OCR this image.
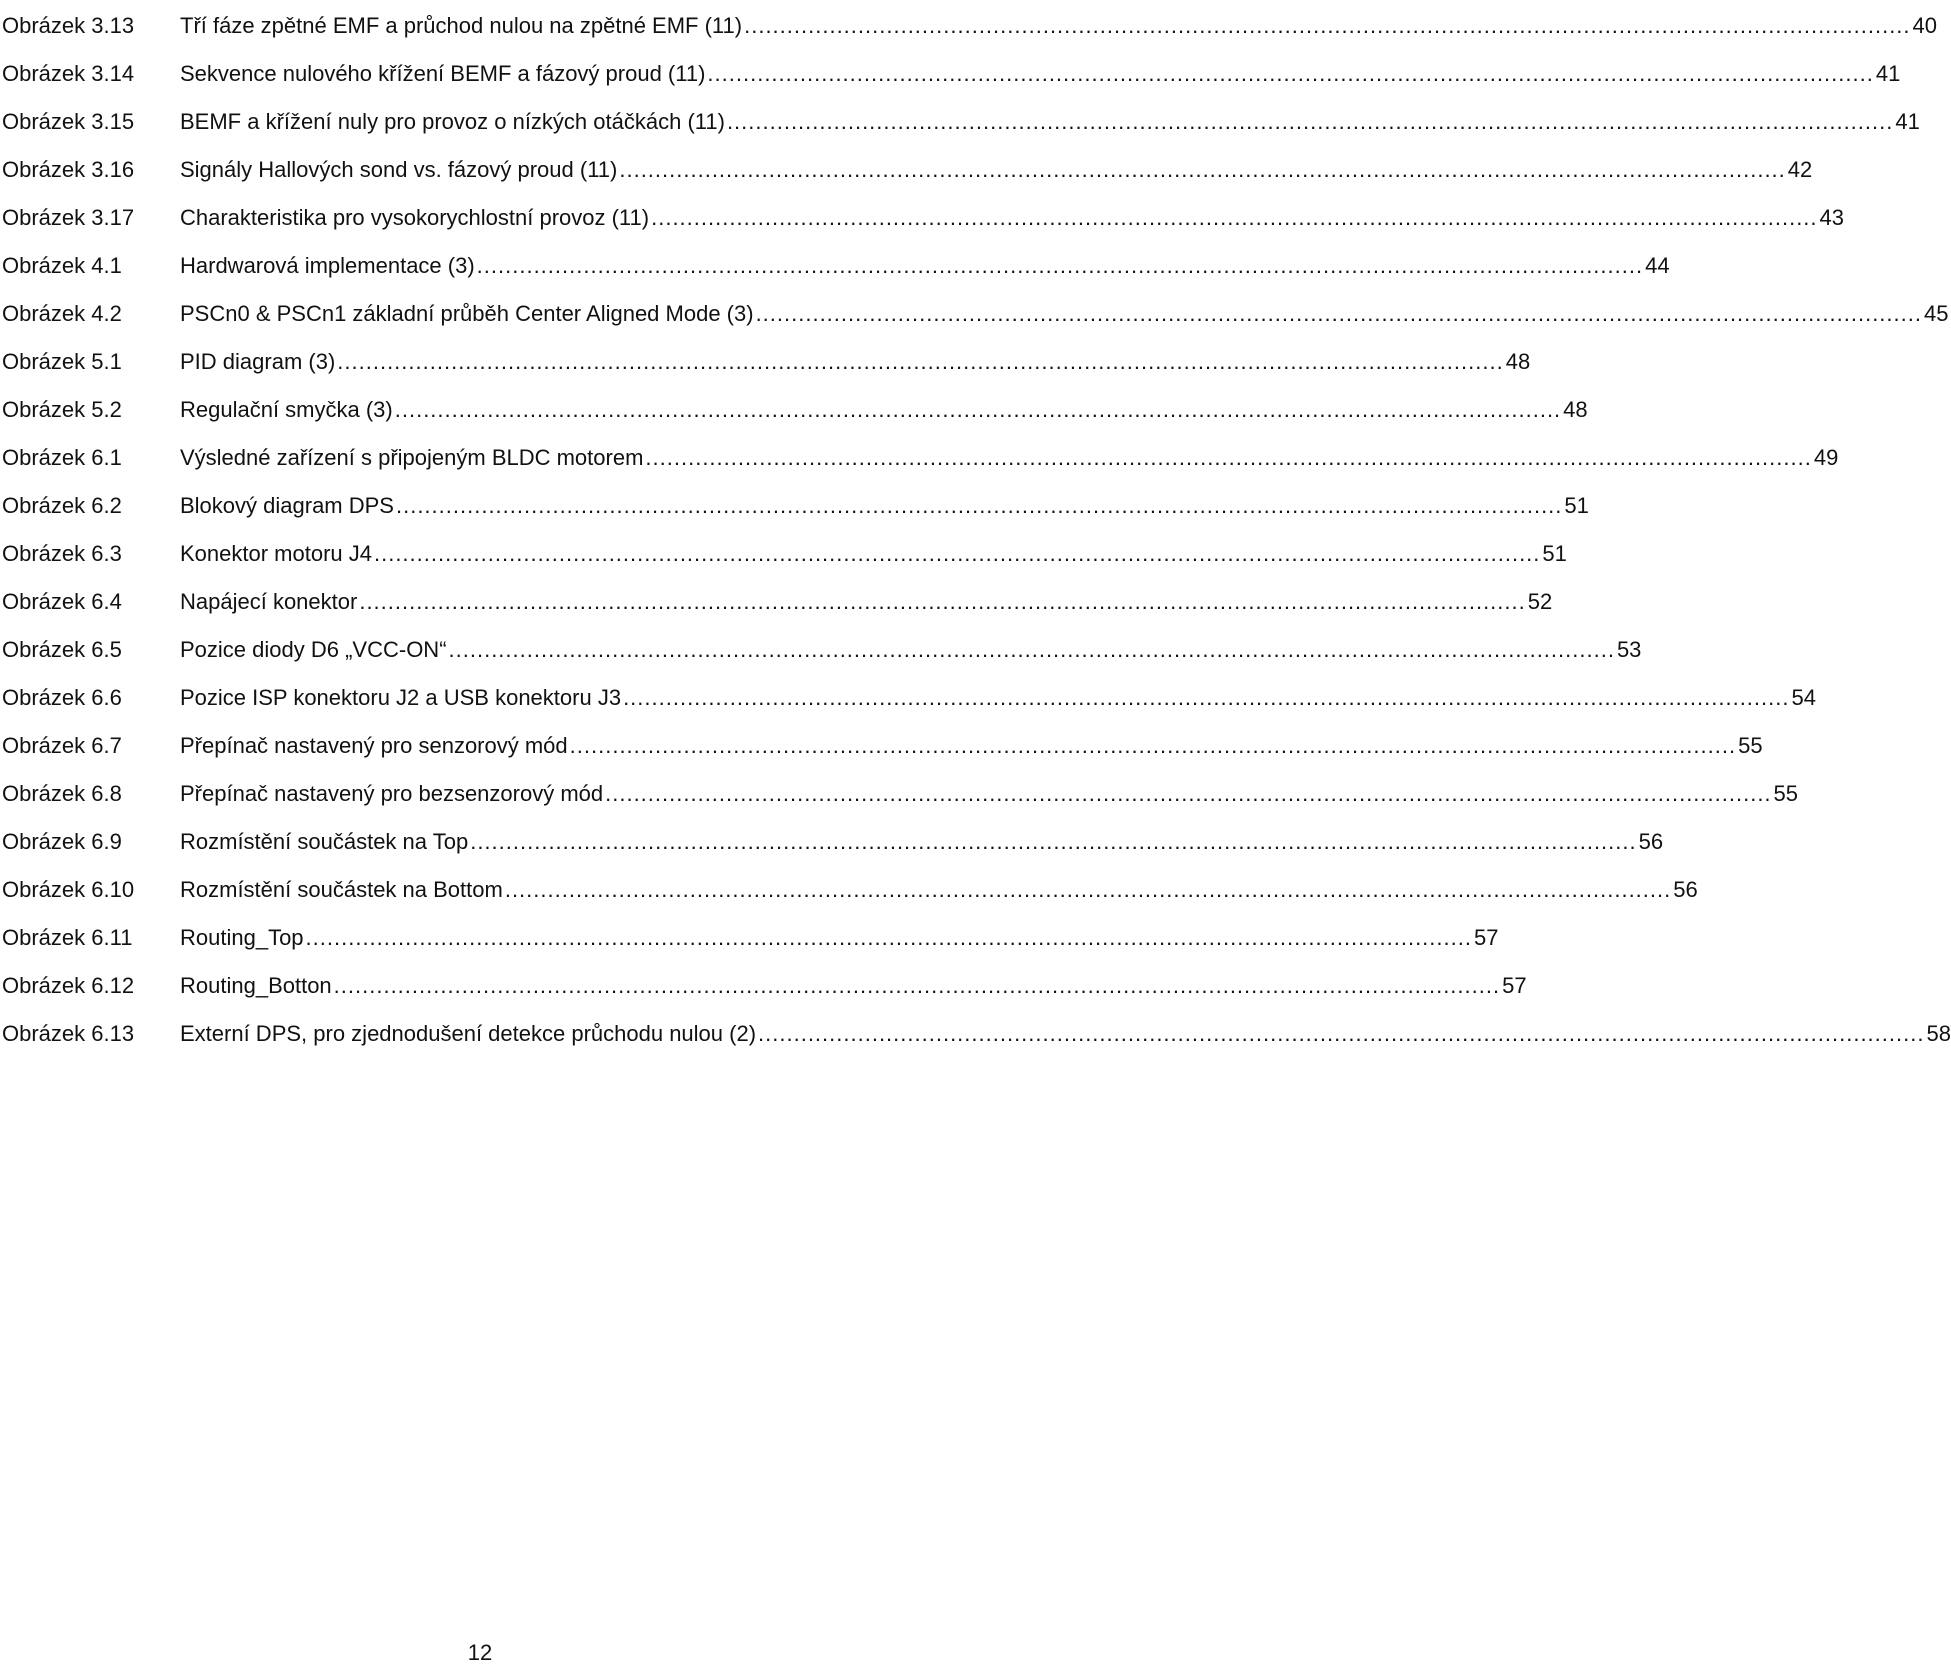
Obrázek 3.13 Tří fáze zpětné EMF a průchod nulou na zpětné EMF (11) .................................................................................................................................................................... 40
Obrázek 3.14 Sekvence nulového křížení BEMF a fázový proud (11) .................................................................................................................................................................... 41
Obrázek 3.15 BEMF a křížení nuly pro provoz o nízkých otáčkách (11) .................................................................................................................................................................... 41
Obrázek 3.16 Signály Hallových sond vs. fázový proud (11) .................................................................................................................................................................... 42
Obrázek 3.17 Charakteristika pro vysokorychlostní provoz (11) .................................................................................................................................................................... 43
Obrázek 4.1	Hardwarová implementace (3) .................................................................................................................................................................... 44
Obrázek 4.2	PSCn0 & PSCn1 základní průběh Center Aligned Mode (3) .................................................................................................................................................................... 45
Obrázek 5.1	PID diagram (3) .................................................................................................................................................................... 48
Obrázek 5.2	Regulační smyčka (3) .................................................................................................................................................................... 48
Obrázek 6.1	Výsledné zařízení s připojeným BLDC motorem .................................................................................................................................................................... 49
Obrázek 6.2	Blokový diagram DPS .................................................................................................................................................................... 51
Obrázek 6.3	Konektor motoru J4 .................................................................................................................................................................... 51
Obrázek 6.4	Napájecí konektor .................................................................................................................................................................... 52
Obrázek 6.5	Pozice diody D6 „VCC-ON“ .................................................................................................................................................................... 53
Obrázek 6.6	Pozice ISP konektoru J2 a USB konektoru J3 .................................................................................................................................................................... 54
Obrázek 6.7	Přepínač nastavený pro senzorový mód .................................................................................................................................................................... 55
Obrázek 6.8	Přepínač nastavený pro bezsenzorový mód .................................................................................................................................................................... 55
Obrázek 6.9	Rozmístění součástek na Top .................................................................................................................................................................... 56
Obrázek 6.10 Rozmístění součástek na Bottom .................................................................................................................................................................... 56
Obrázek 6.11 Routing_Top .................................................................................................................................................................... 57
Obrázek 6.12 Routing_Botton .................................................................................................................................................................... 57
Obrázek 6.13 Externí DPS, pro zjednodušení detekce průchodu nulou (2) .................................................................................................................................................................... 58
12
